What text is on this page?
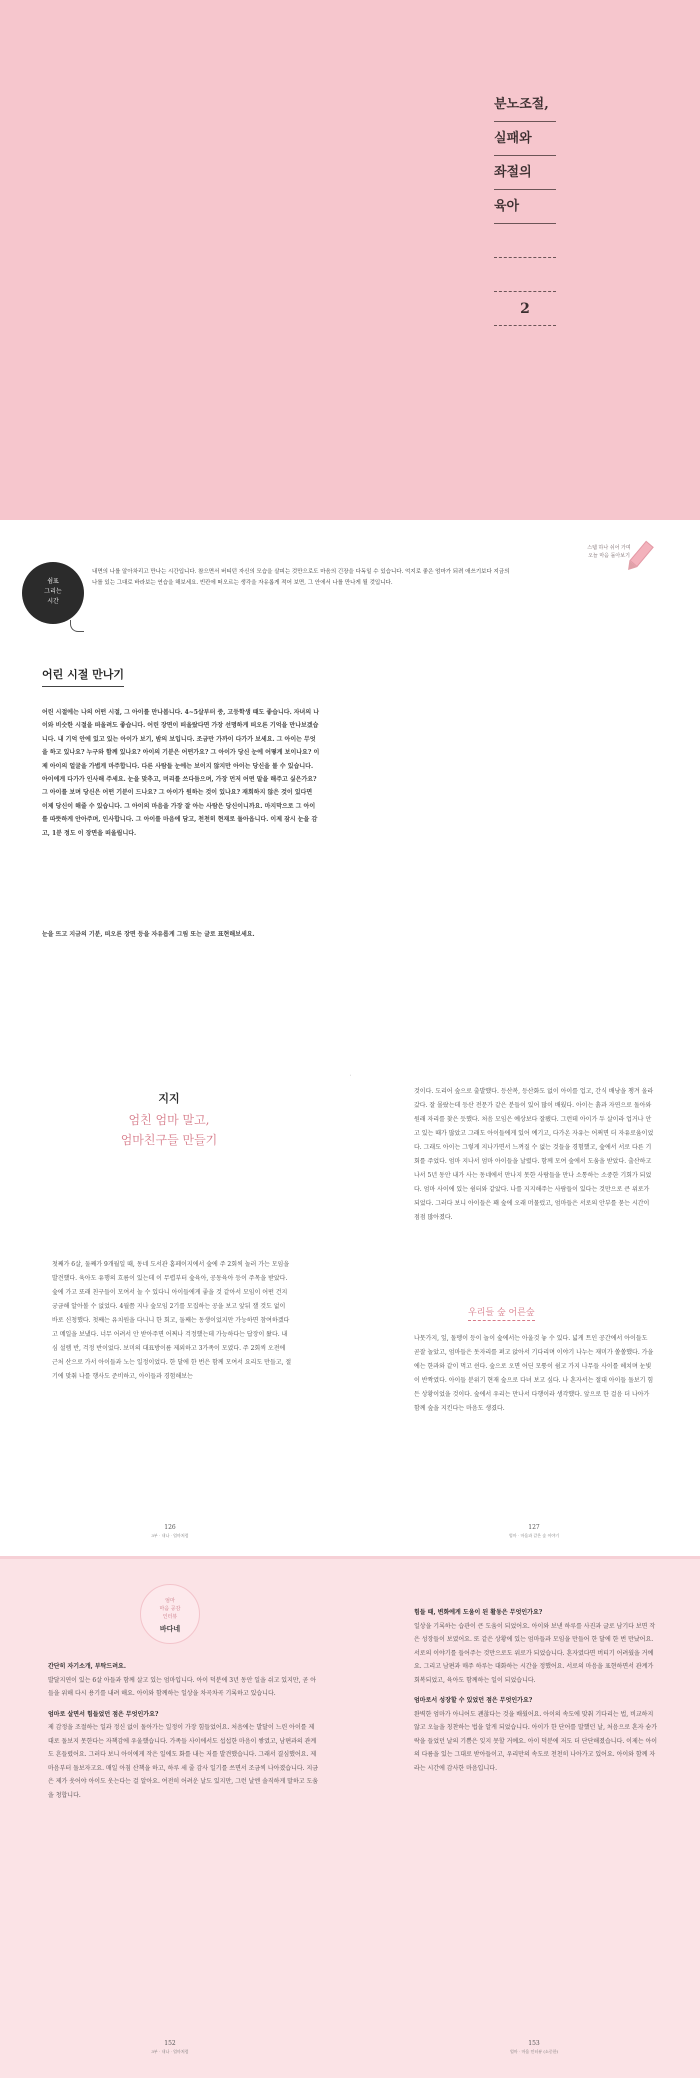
분노조절,
실패와
좌절의
육아
2
쉼표
그리는
시간

내면의 나를 알아차리고 만나는 시간입니다. 참으면서 버티던 자신의 모습을 살피는 것만으로도 마음의 긴장을 다독일 수 있습니다. 억지로 좋은 엄마가 되려 애쓰기보다 지금의 나를 있는 그대로 바라보는 연습을 해보세요. 빈칸에 떠오르는 생각을 자유롭게 적어 보면, 그 안에서 나를 만나게 될 것입니다.

스텝 하나 쉬어 가며 오늘 마음 돌아보기
어린 시절 만나기

어린 시절에는 나의 어떤 시절, 그 아이를 만나봅니다. 4~5살부터 중, 고등학생 때도 좋습니다. 자녀의 나이와 비슷한 시절을 떠올려도 좋습니다. 어린 장면이 떠올랐다면 가장 선명하게 떠오른 기억을 만나보겠습니다. 내 기억 안에 있고 있는 아이가 보기, 밤의 보입니다. 조금만 가까이 다가가 보세요. 그 아이는 무엇을 하고 있나요? 누구와 함께 있나요? 아이의 기분은 어떤가요? 그 아이가 당신 눈에 어떻게 보이나요? 이제 아이의 얼굴을 가볍게 마주합니다. 다른 사람들 눈에는 보이지 않지만 아이는 당신을 볼 수 있습니다. 아이에게 다가가 인사해 주세요. 눈을 맞추고, 머리를 쓰다듬으며, 가장 먼저 어떤 말을 해주고 싶은가요? 그 아이를 보며 당신은 어떤 기분이 드나요? 그 아이가 원하는 것이 있나요? 재회하지 않은 것이 있다면 이제 당신이 해줄 수 있습니다. 그 아이의 마음을 가장 잘 아는 사람은 당신이니까요. 마지막으로 그 아이를 따뜻하게 안아주며, 인사합니다. 그 아이를 마음에 담고, 천천히 현재로 돌아옵니다. 이제 잠시 눈을 감고, 1분 정도 이 장면을 떠올립니다.

눈을 뜨고 지금의 기분, 떠오른 장면 등을 자유롭게 그림 또는 글로 표현해보세요.

˙
지지
엄친 엄마 말고,
엄마친구들 만들기

첫째가 6살, 둘째가 9개월일 때, 동네 도서관 홈페이지에서 숲에 주 2회씩 놀러 가는 모임을 발견했다. 육아도 유행의 흐름이 있는데 이 무렵부터 숲육아, 공동육아 등이 주목을 받았다. 숲에 가고 또래 친구들이 모여서 놀 수 있다니 아이들에게 좋을 것 같아서 모임이 어떤 건지 궁금해 알아볼 수 없었다. 4월쯤 지나 숲모임 2기를 모집하는 공을 보고 앞뒤 잴 것도 없이 바로 신청했다. 첫째는 유치원을 다니니 한 회고, 둘째는 동생이었지만 가능하면 참여하겠다고 메일을 보냈다. 너무 어려서 안 받아주면 어쩌나 걱정했는데 가능하다는 답장이 왔다. 내심 설렘 반, 걱정 반이었다. 보미의 대표방이름 제외하고 3가족이 모였다. 주 2회씩 오전에 근처 산으로 가서 아이들과 노는 일정이었다. 한 달에 한 번은 함께 모여서 요리도 만들고, 절기에 맞춰 나를 행사도 준비하고, 아이들과 경험해보는

것이다. 도리어 숲으로 출발했다. 등산복, 등산화도 없이 아이를 업고, 간식 배낭을 챙겨 올라갔다. 잘 몰랐는데 등산 전문가 같은 분들이 있어 많이 배웠다. 아이는 흙과 자연으로 돌아와 원래 자리를 찾은 듯했다. 처음 모임은 예상보다 잘됐다. 그런데 아이가 두 살이라 업거나 안고 있는 때가 많았고 그래도 아이들에게 있어 예기고, 다가온 자유는 어쩌면 더 자유로움이었다. 그래도 아이는 그렇게 지나가면서 느껴질 수 없는 것들을 경험했고, 숲에서 서로 다른 기회를 주었다. 엄마 지나서 엄마 아이들을 날렸다. 함께 모여 숲에서 도움을 받았다. 출산하고나서 5년 동안 내가 사는 동네에서 만나지 못한 사람들을 만나 소통하는 소중한 기회가 되었다. 엄마 사이에 있는 쉼터와 같았다. 나를 지지해주는 사람들이 있다는 것만으로 큰 위로가 되었다. 그러다 보니 아이들은 꽤 숲에 오래 머물렀고, 엄마들은 서로의 안부를 묻는 시간이 점점 많아졌다.

우리들 숲 어른숲

나뭇가지, 잎, 돌멩이 등이 놀이 숲에서는 아울것 놓 수 있다. 넓게 트인 공간에서 아이들도 곧잘 놀았고, 엄마들은 돗자리를 펴고 앉아서 기다리며 이야기 나누는 재미가 쏠쏠했다. 가을에는 한과와 같이 먹고 쉰다. 숲으로 오면 어딘 모퉁이 쉼고 가지 나무들 사이를 헤치며 눈빛이 반짝였다. 아이들 분위기 현재 숲으로 다녀 보고 싶다. 나 혼자서는 절대 아이들 돌보기 힘든 상황이었을 것이다. 숲에서 우리는 만나서 다행이라 생각했다. 앞으로 한 걸음 더 나아가 함께 숲을 지킨다는 마음도 생겼다.

126
3부 · 내나 · 엄마처럼
127
엄마 · 마음과 같은 숲 이야기
엄마
마음 공감
인터뷰
바다네
간단히 자기소개, 부탁드려요.
발달지연이 있는 6살 아들과 함께 살고 있는 엄마입니다. 아이 덕분에 3년 동안 일을 쉬고 있지만, 곧 아들을 위해 다시 용기를 내려 해요. 아이와 함께하는 일상을 차곡차곡 기록하고 있습니다.
엄마로 살면서 힘들었던 점은 무엇인가요?
제 감정을 조절하는 일과 정신 없이 돌아가는 일정이 가장 힘들었어요. 처음에는 발달이 느린 아이를 제대로 돌보지 못한다는 자책감에 우울했습니다. 가족들 사이에서도 섭섭한 마음이 쌓였고, 남편과의 관계도 흔들렸어요. 그러다 보니 아이에게 작은 일에도 화를 내는 저를 발견했습니다. 그래서 결심했어요. 제 마음부터 돌보자고요. 매일 아침 산책을 하고, 하루 세 줄 감사 일기를 쓰면서 조금씩 나아졌습니다. 지금은 제가 웃어야 아이도 웃는다는 걸 알아요. 여전히 어려운 날도 있지만, 그런 날엔 솔직하게 말하고 도움을 청합니다.
힘들 때, 변화에게 도움이 된 활동은 무엇인가요?
일상을 기록하는 습관이 큰 도움이 되었어요. 아이와 보낸 하루를 사진과 글로 남기다 보면 작은 성장들이 보였어요. 또 같은 상황에 있는 엄마들과 모임을 만들어 한 달에 한 번 만났어요. 서로의 이야기를 들어주는 것만으로도 위로가 되었습니다. 혼자였다면 버티기 어려웠을 거예요. 그리고 남편과 매주 하루는 대화하는 시간을 정했어요. 서로의 마음을 표현하면서 관계가 회복되었고, 육아도 함께하는 일이 되었습니다.
엄마로서 성장할 수 있었던 점은 무엇인가요?
완벽한 엄마가 아니어도 괜찮다는 것을 배웠어요. 아이의 속도에 맞춰 기다리는 법, 비교하지 않고 오늘을 칭찬하는 법을 알게 되었습니다. 아이가 한 단어를 말했던 날, 처음으로 혼자 숟가락을 들었던 날의 기쁨은 잊지 못할 거예요. 아이 덕분에 저도 더 단단해졌습니다. 이제는 아이의 다름을 있는 그대로 받아들이고, 우리만의 속도로 천천히 나아가고 있어요. 아이와 함께 자라는 시간에 감사한 마음입니다.
152
3부 · 내나 · 엄마처럼
153
엄마 · 마음 인터뷰 (소중한)
